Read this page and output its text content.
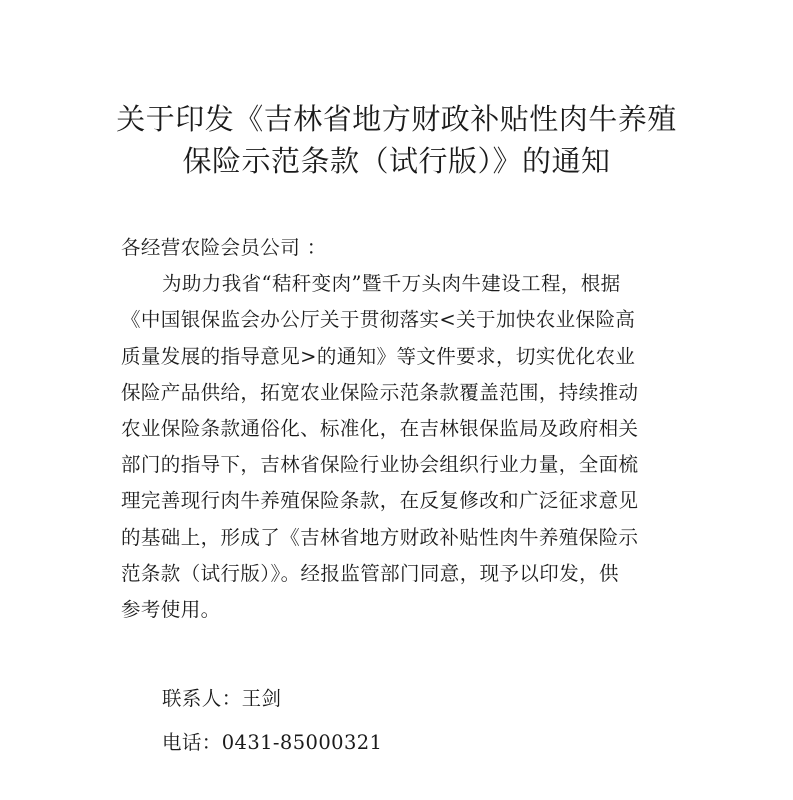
关于印发《吉林省地方财政补贴性肉牛养殖
保险示范条款（试行版）》的通知
各经营农险会员公司 ：
为助力我省“秸秆变肉”暨千万头肉牛建设工程，根据
《中国银保监会办公厅关于贯彻落实<关于加快农业保险高
质量发展的指导意见>的通知》等文件要求，切实优化农业
保险产品供给，拓宽农业保险示范条款覆盖范围，持续推动
农业保险条款通俗化、标准化，在吉林银保监局及政府相关
部门的指导下，吉林省保险行业协会组织行业力量，全面梳
理完善现行肉牛养殖保险条款，在反复修改和广泛征求意见
的基础上，形成了《吉林省地方财政补贴性肉牛养殖保险示
范条款（试行版）》。经报监管部门同意，现予以印发，供
参考使用。
联系人：王剑
电话：0431-85000321
